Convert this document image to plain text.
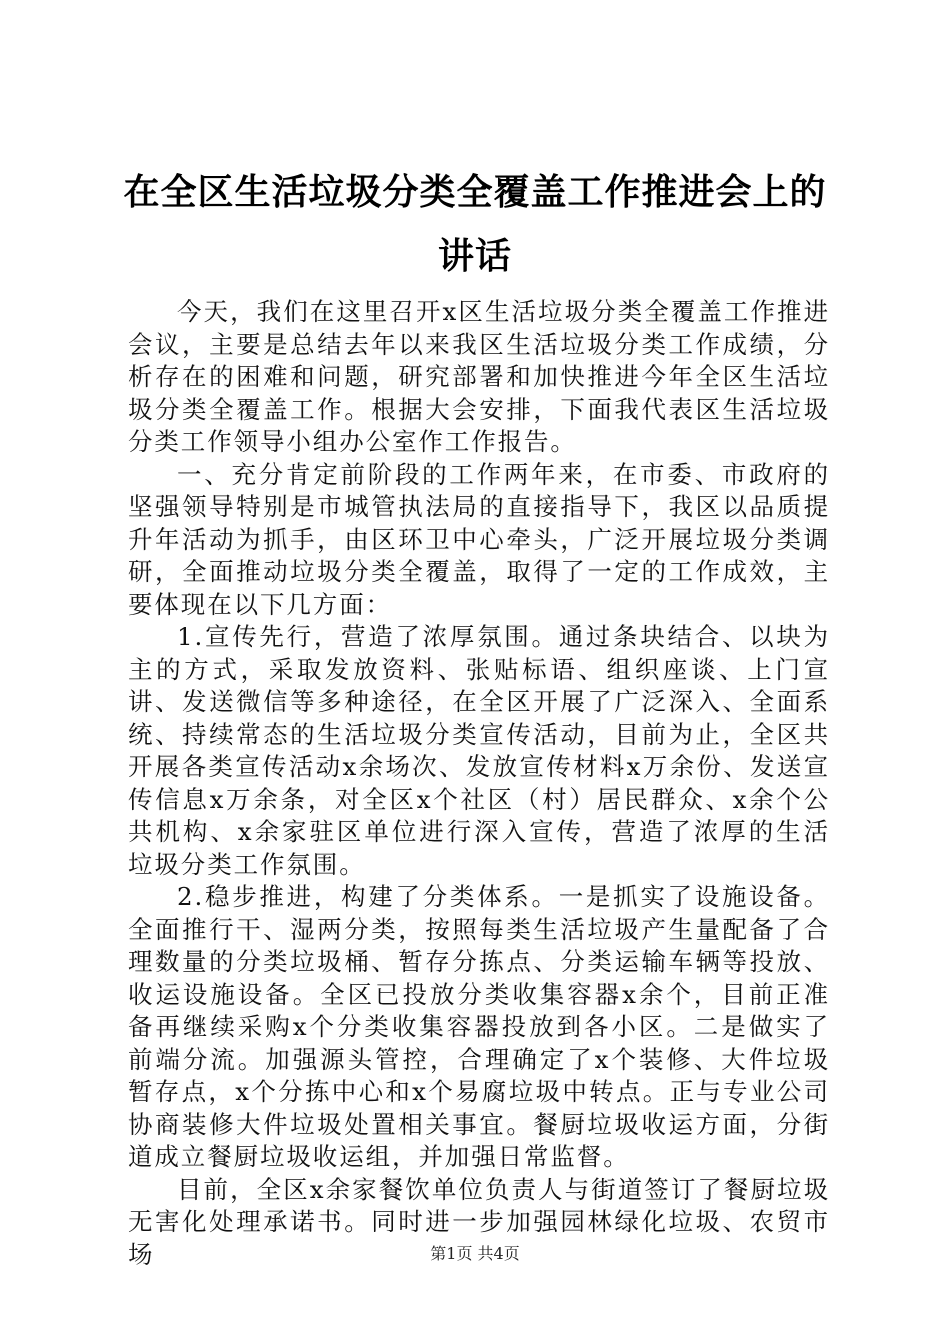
在全区生活垃圾分类全覆盖工作推进会上的讲话

今天，我们在这里召开x区生活垃圾分类全覆盖工作推进会议，主要是总结去年以来我区生活垃圾分类工作成绩，分析存在的困难和问题，研究部署和加快推进今年全区生活垃圾分类全覆盖工作。根据大会安排，下面我代表区生活垃圾分类工作领导小组办公室作工作报告。

一、充分肯定前阶段的工作两年来，在市委、市政府的坚强领导特别是市城管执法局的直接指导下，我区以品质提升年活动为抓手，由区环卫中心牵头，广泛开展垃圾分类调研，全面推动垃圾分类全覆盖，取得了一定的工作成效，主要体现在以下几方面：

1.宣传先行，营造了浓厚氛围。通过条块结合、以块为主的方式，采取发放资料、张贴标语、组织座谈、上门宣讲、发送微信等多种途径，在全区开展了广泛深入、全面系统、持续常态的生活垃圾分类宣传活动，目前为止，全区共开展各类宣传活动x余场次、发放宣传材料x万余份、发送宣传信息x万余条，对全区x个社区（村）居民群众、x余个公共机构、x余家驻区单位进行深入宣传，营造了浓厚的生活垃圾分类工作氛围。

2.稳步推进，构建了分类体系。一是抓实了设施设备。全面推行干、湿两分类，按照每类生活垃圾产生量配备了合理数量的分类垃圾桶、暂存分拣点、分类运输车辆等投放、收运设施设备。全区已投放分类收集容器x余个，目前正准备再继续采购x个分类收集容器投放到各小区。二是做实了前端分流。加强源头管控，合理确定了x个装修、大件垃圾暂存点，x个分拣中心和x个易腐垃圾中转点。正与专业公司协商装修大件垃圾处置相关事宜。餐厨垃圾收运方面，分街道成立餐厨垃圾收运组，并加强日常监督。

目前，全区x余家餐饮单位负责人与街道签订了餐厨垃圾无害化处理承诺书。同时进一步加强园林绿化垃圾、农贸市场	第1页 共4页
